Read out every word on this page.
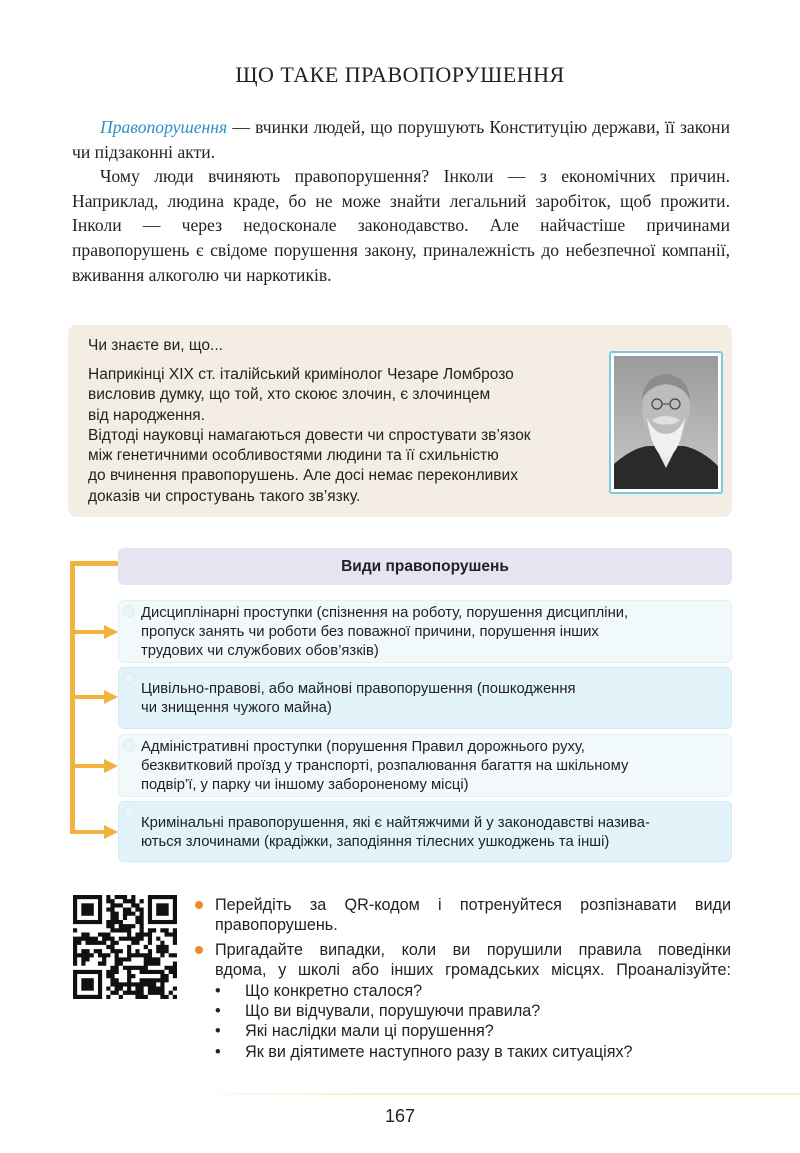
ЩО ТАКЕ ПРАВОПОРУШЕННЯ

Правопорушення — вчинки людей, що порушують Конституцію держави, її закони чи підзаконні акти.

Чому люди вчиняють правопорушення? Інколи — з економічних причин. Наприклад, людина краде, бо не може знайти легальний заробіток, щоб прожити. Інколи — через недосконале законодавство. Але найчастіше причинами правопорушень є свідоме порушення закону, приналежність до небезпечної компанії, вживання алкоголю чи наркотиків.

Чи знаєте ви, що...
Наприкінці ХІХ ст. італійський кримінолог Чезаре Ломброзо
висловив думку, що той, хто скоює злочин, є злочинцем
від народження.
Відтоді науковці намагаються довести чи спростувати зв’язок
між генетичними особливостями людини та її схильністю
до вчинення правопорушень. Але досі немає переконливих
доказів чи спростувань такого зв’язку.
Види правопорушень
Дисциплінарні проступки (спізнення на роботу, порушення дисципліни,
пропуск занять чи роботи без поважної причини, порушення інших
трудових чи службових обов’язків)
Цивільно-правові, або майнові правопорушення (пошкодження
чи знищення чужого майна)
Адміністративні проступки (порушення Правил дорожнього руху,
безквитковий проїзд у транспорті, розпалювання багаття на шкільному
подвір’ї, у парку чи іншому забороненому місці)
Кримінальні правопорушення, які є найтяжчими й у законодавстві назива-
ються злочинами (крадіжки, заподіяння тілесних ушкоджень та інші)
Перейдіть за QR-кодом і потренуйтеся розпізнавати види
правопорушень.
Пригадайте випадки, коли ви порушили правила поведінки
вдома, у школі або інших громадських місцях. Проаналізуйте:
• Що конкретно сталося?
• Що ви відчували, порушуючи правила?
• Які наслідки мали ці порушення?
• Як ви діятимете наступного разу в таких ситуаціях?
167
